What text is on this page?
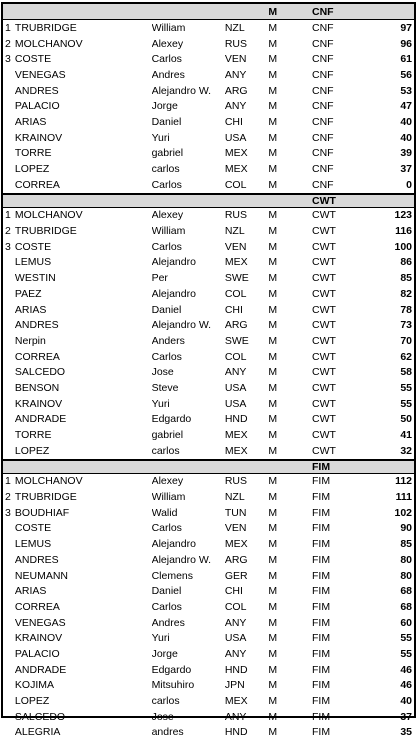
M	CNF
1 TRUBRIDGE	William	NZL	M	CNF	97
2 MOLCHANOV	Alexey	RUS	M	CNF	96
3 COSTE	Carlos	VEN	M	CNF	61
VENEGAS	Andres	ANY	M	CNF	56
ANDRES	Alejandro W.	ARG	M	CNF	53
PALACIO	Jorge	ANY	M	CNF	47
ARIAS	Daniel	CHI	M	CNF	40
KRAINOV	Yuri	USA	M	CNF	40
TORRE	gabriel	MEX	M	CNF	39
LOPEZ	carlos	MEX	M	CNF	37
CORREA	Carlos	COL	M	CNF	0
CWT
1 MOLCHANOV	Alexey	RUS	M	CWT	123
2 TRUBRIDGE	William	NZL	M	CWT	116
3 COSTE	Carlos	VEN	M	CWT	100
LEMUS	Alejandro	MEX	M	CWT	86
WESTIN	Per	SWE	M	CWT	85
PAEZ	Alejandro	COL	M	CWT	82
ARIAS	Daniel	CHI	M	CWT	78
ANDRES	Alejandro W.	ARG	M	CWT	73
Nerpin	Anders	SWE	M	CWT	70
CORREA	Carlos	COL	M	CWT	62
SALCEDO	Jose	ANY	M	CWT	58
BENSON	Steve	USA	M	CWT	55
KRAINOV	Yuri	USA	M	CWT	55
ANDRADE	Edgardo	HND	M	CWT	50
TORRE	gabriel	MEX	M	CWT	41
LOPEZ	carlos	MEX	M	CWT	32
FIM
1 MOLCHANOV	Alexey	RUS	M	FIM	112
2 TRUBRIDGE	William	NZL	M	FIM	111
3 BOUDHIAF	Walid	TUN	M	FIM	102
COSTE	Carlos	VEN	M	FIM	90
LEMUS	Alejandro	MEX	M	FIM	85
ANDRES	Alejandro W.	ARG	M	FIM	80
NEUMANN	Clemens	GER	M	FIM	80
ARIAS	Daniel	CHI	M	FIM	68
CORREA	Carlos	COL	M	FIM	68
VENEGAS	Andres	ANY	M	FIM	60
KRAINOV	Yuri	USA	M	FIM	55
PALACIO	Jorge	ANY	M	FIM	55
ANDRADE	Edgardo	HND	M	FIM	46
KOJIMA	Mitsuhiro	JPN	M	FIM	46
LOPEZ	carlos	MEX	M	FIM	40
SALCEDO	Jose	ANY	M	FIM	37
ALEGRIA	andres	HND	M	FIM	35
